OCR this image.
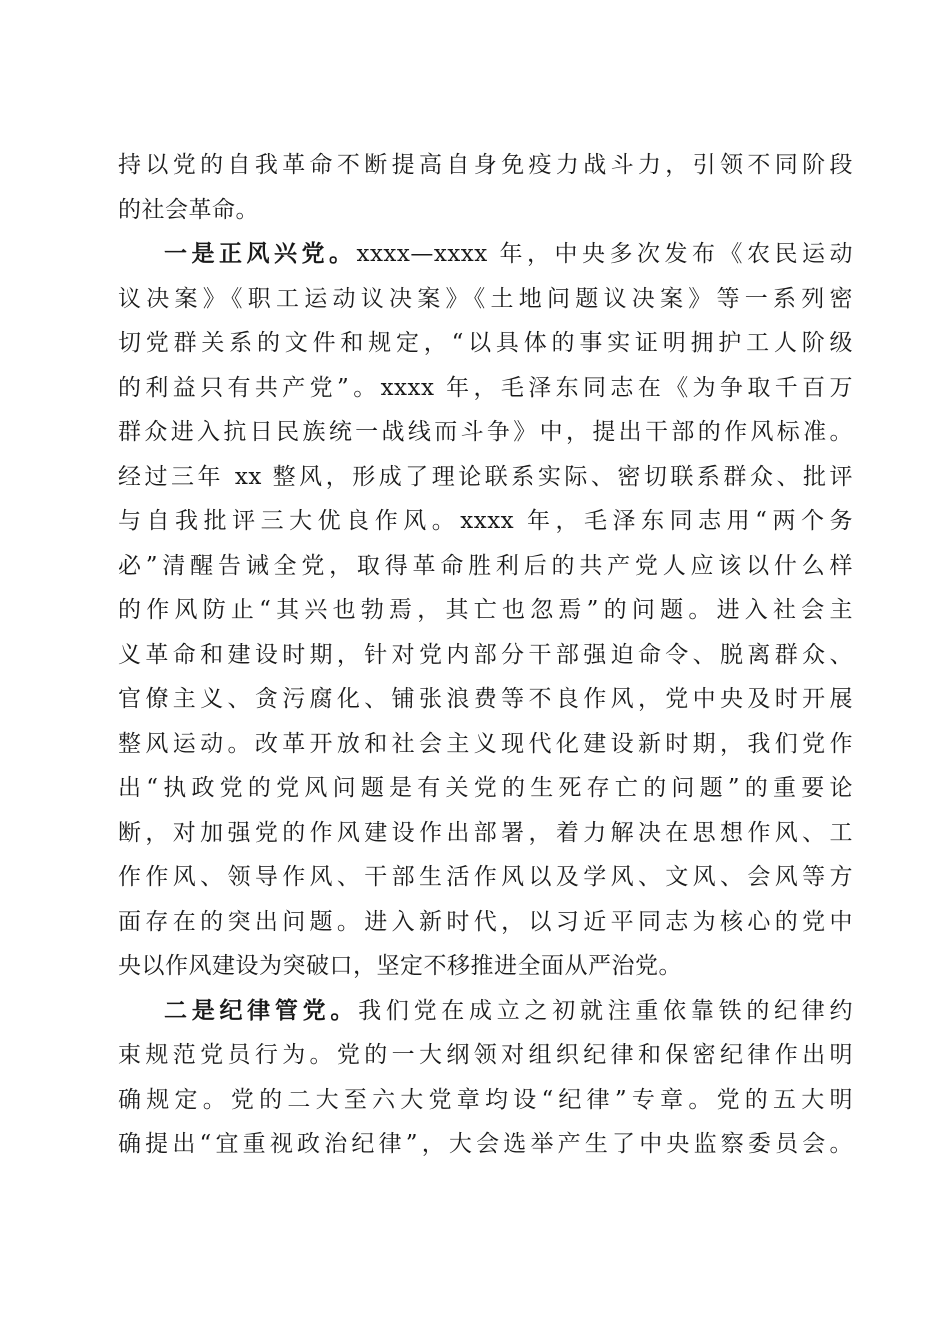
持以党的自我革命不断提高自身免疫力战斗力，引领不同阶段
的社会革命。
一是正风兴党。xxxx—xxxx 年，中央多次发布《农民运动
议决案》《职工运动议决案》《土地问题议决案》等一系列密
切党群关系的文件和规定，“以具体的事实证明拥护工人阶级
的利益只有共产党”。xxxx 年，毛泽东同志在《为争取千百万
群众进入抗日民族统一战线而斗争》中，提出干部的作风标准。
经过三年 xx 整风，形成了理论联系实际、密切联系群众、批评
与自我批评三大优良作风。xxxx 年，毛泽东同志用“两个务
必”清醒告诫全党，取得革命胜利后的共产党人应该以什么样
的作风防止“其兴也勃焉，其亡也忽焉”的问题。进入社会主
义革命和建设时期，针对党内部分干部强迫命令、脱离群众、
官僚主义、贪污腐化、铺张浪费等不良作风，党中央及时开展
整风运动。改革开放和社会主义现代化建设新时期，我们党作
出“执政党的党风问题是有关党的生死存亡的问题”的重要论
断，对加强党的作风建设作出部署，着力解决在思想作风、工
作作风、领导作风、干部生活作风以及学风、文风、会风等方
面存在的突出问题。进入新时代，以习近平同志为核心的党中
央以作风建设为突破口，坚定不移推进全面从严治党。
二是纪律管党。我们党在成立之初就注重依靠铁的纪律约
束规范党员行为。党的一大纲领对组织纪律和保密纪律作出明
确规定。党的二大至六大党章均设“纪律”专章。党的五大明
确提出“宜重视政治纪律”，大会选举产生了中央监察委员会。
